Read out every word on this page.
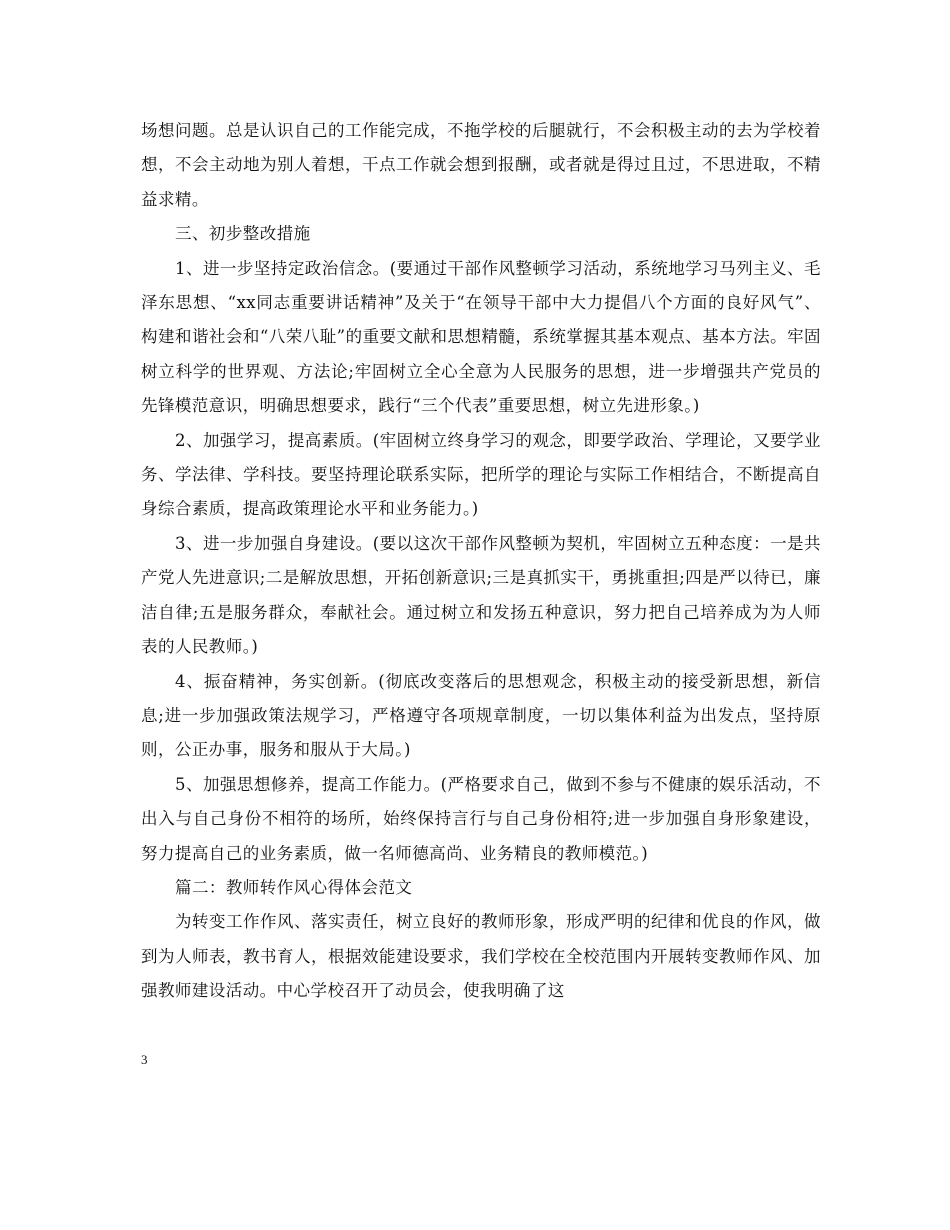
场想问题。总是认识自己的工作能完成，不拖学校的后腿就行，不会积极主动的去为学校着想，不会主动地为别人着想，干点工作就会想到报酬，或者就是得过且过，不思进取，不精益求精。

三、初步整改措施

1、进一步坚持定政治信念。(要通过干部作风整顿学习活动，系统地学习马列主义、毛泽东思想、“xx同志重要讲话精神”及关于“在领导干部中大力提倡八个方面的良好风气”、构建和谐社会和“八荣八耻”的重要文献和思想精髓，系统掌握其基本观点、基本方法。牢固树立科学的世界观、方法论;牢固树立全心全意为人民服务的思想，进一步增强共产党员的先锋模范意识，明确思想要求，践行“三个代表”重要思想，树立先进形象。)

2、加强学习，提高素质。(牢固树立终身学习的观念，即要学政治、学理论，又要学业务、学法律、学科技。要坚持理论联系实际，把所学的理论与实际工作相结合，不断提高自身综合素质，提高政策理论水平和业务能力。)

3、进一步加强自身建设。(要以这次干部作风整顿为契机，牢固树立五种态度：一是共产党人先进意识;二是解放思想，开拓创新意识;三是真抓实干，勇挑重担;四是严以待已，廉洁自律;五是服务群众，奉献社会。通过树立和发扬五种意识，努力把自己培养成为为人师表的人民教师。)

4、振奋精神，务实创新。(彻底改变落后的思想观念，积极主动的接受新思想，新信息;进一步加强政策法规学习，严格遵守各项规章制度，一切以集体利益为出发点，坚持原则，公正办事，服务和服从于大局。)

5、加强思想修养，提高工作能力。(严格要求自己，做到不参与不健康的娱乐活动，不出入与自己身份不相符的场所，始终保持言行与自己身份相符;进一步加强自身形象建设，努力提高自己的业务素质，做一名师德高尚、业务精良的教师模范。)

篇二：教师转作风心得体会范文

为转变工作作风、落实责任，树立良好的教师形象，形成严明的纪律和优良的作风，做到为人师表，教书育人，根据效能建设要求，我们学校在全校范围内开展转变教师作风、加强教师建设活动。中心学校召开了动员会，使我明确了这

3
